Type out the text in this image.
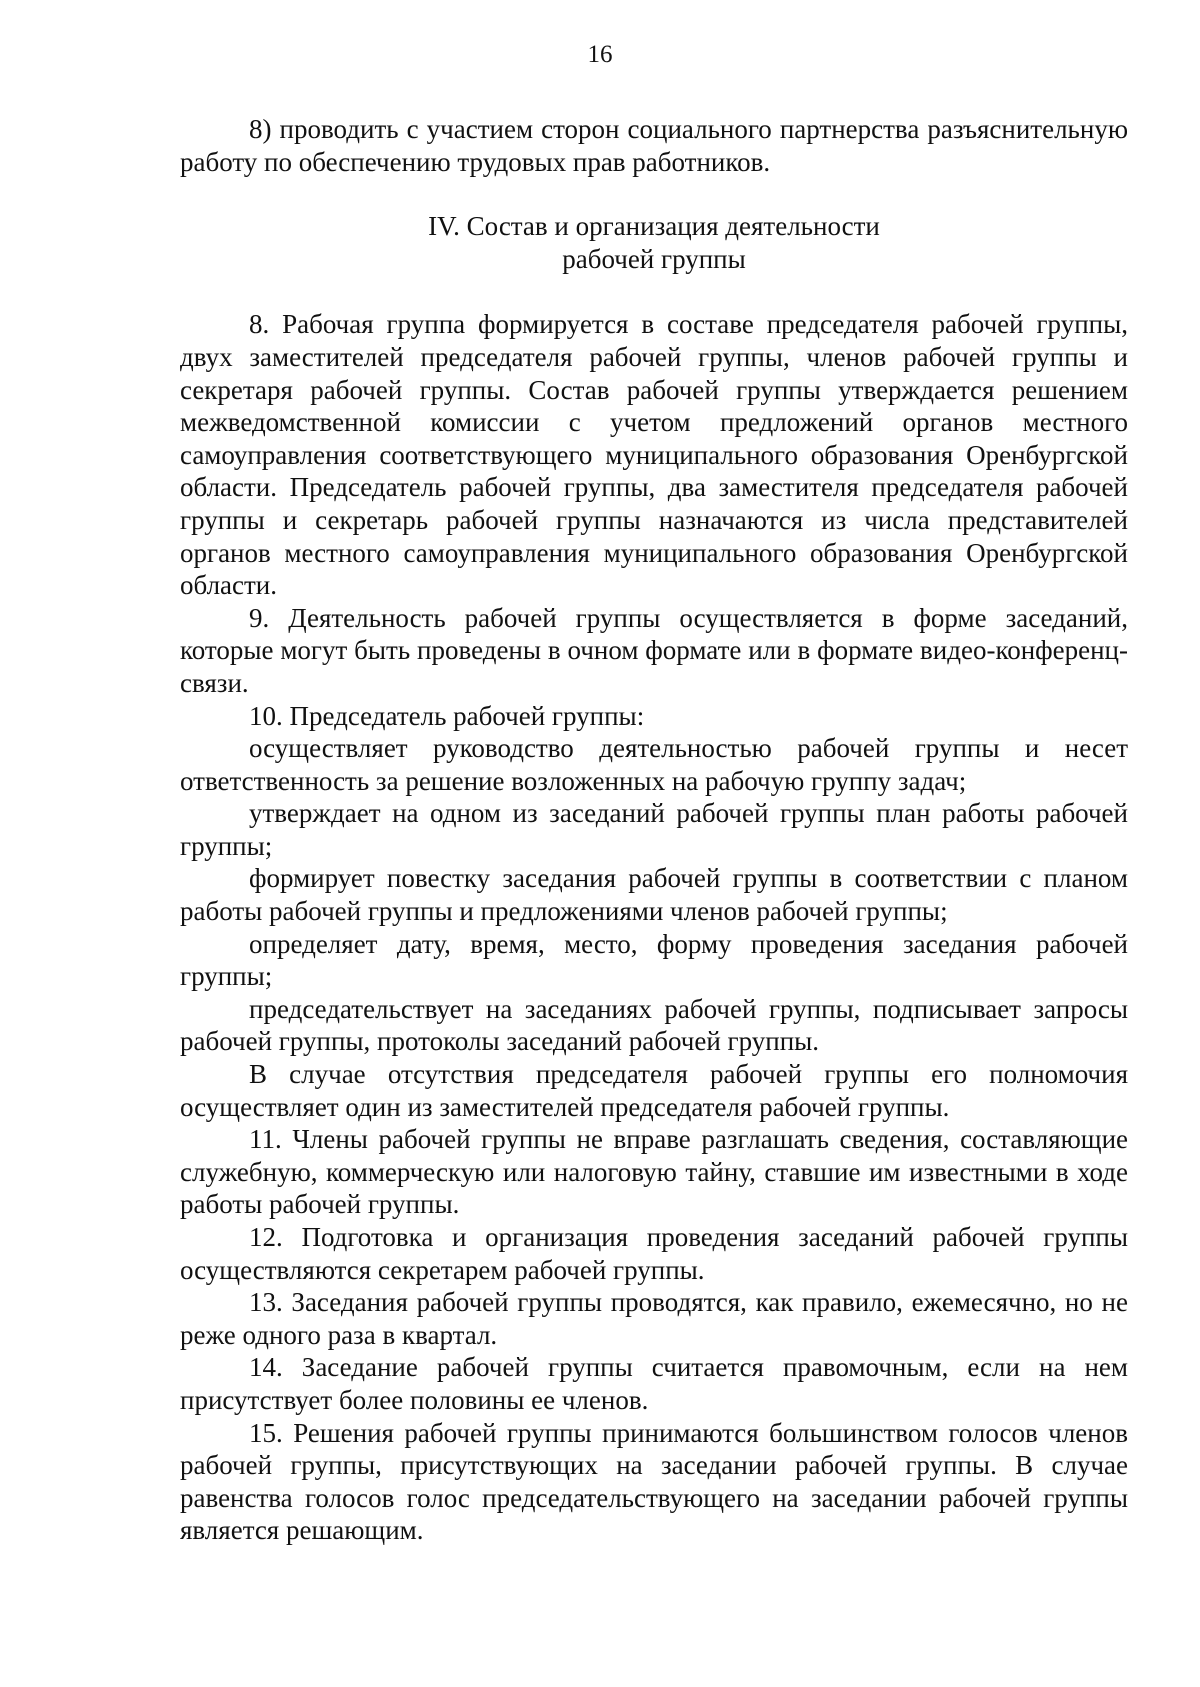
16

8) проводить с участием сторон социального партнерства разъяснительную работу по обеспечению трудовых прав работников.

IV. Состав и организация деятельности
рабочей группы

8. Рабочая группа формируется в составе председателя рабочей группы, двух заместителей председателя рабочей группы, членов рабочей группы и секретаря рабочей группы. Состав рабочей группы утверждается решением межведомственной комиссии с учетом предложений органов местного самоуправления соответствующего муниципального образования Оренбургской области. Председатель рабочей группы, два заместителя председателя рабочей группы и секретарь рабочей группы назначаются из числа представителей органов местного самоуправления муниципального образования Оренбургской области.

9. Деятельность рабочей группы осуществляется в форме заседаний, которые могут быть проведены в очном формате или в формате видео-конференц-связи.

10. Председатель рабочей группы:

осуществляет руководство деятельностью рабочей группы и несет ответственность за решение возложенных на рабочую группу задач;

утверждает на одном из заседаний рабочей группы план работы рабочей группы;

формирует повестку заседания рабочей группы в соответствии с планом работы рабочей группы и предложениями членов рабочей группы;

определяет дату, время, место, форму проведения заседания рабочей группы;

председательствует на заседаниях рабочей группы, подписывает запросы рабочей группы, протоколы заседаний рабочей группы.

В случае отсутствия председателя рабочей группы его полномочия осуществляет один из заместителей председателя рабочей группы.

11. Члены рабочей группы не вправе разглашать сведения, составляющие служебную, коммерческую или налоговую тайну, ставшие им известными в ходе работы рабочей группы.

12. Подготовка и организация проведения заседаний рабочей группы осуществляются секретарем рабочей группы.

13. Заседания рабочей группы проводятся, как правило, ежемесячно, но не реже одного раза в квартал.

14. Заседание рабочей группы считается правомочным, если на нем присутствует более половины ее членов.

15. Решения рабочей группы принимаются большинством голосов членов рабочей группы, присутствующих на заседании рабочей группы. В случае равенства голосов голос председательствующего на заседании рабочей группы является решающим.
